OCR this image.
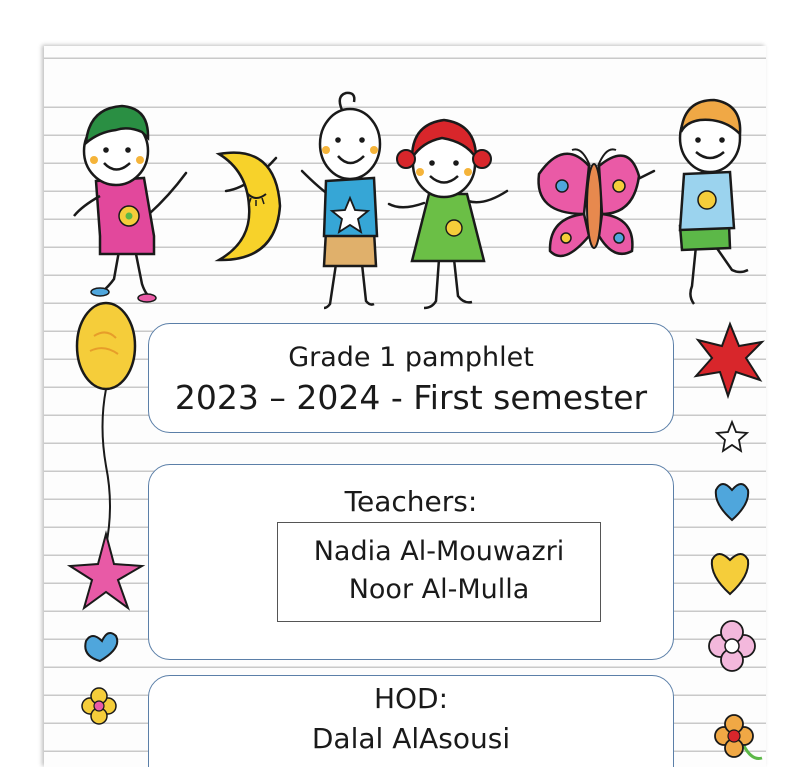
Grade 1 pamphlet
2023 – 2024 - First semester
Teachers:
Nadia Al-Mouwazri
Noor Al-Mulla
HOD:
Dalal AlAsousi
